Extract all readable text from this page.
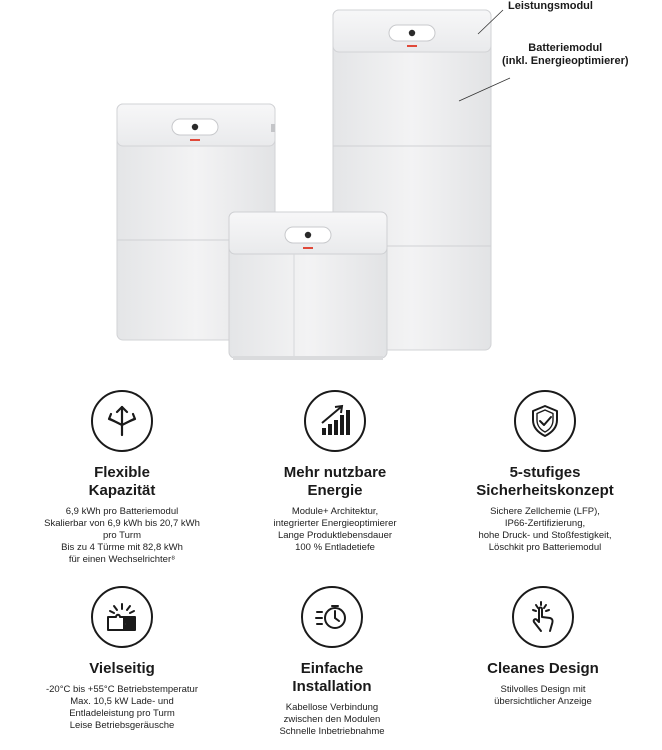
Leistungsmodul
Batteriemodul
(inkl. Energieoptimierer)
Flexible
Kapazität
6,9 kWh pro Batteriemodul
Skalierbar von 6,9 kWh bis 20,7 kWh
pro Turm
Bis zu 4 Türme mit 82,8 kWh
für einen Wechselrichter⁸
Mehr nutzbare
Energie
Module+ Architektur,
integrierter Energieoptimierer
Lange Produktlebensdauer
100 % Entladetiefe
5-stufiges
Sicherheitskonzept
Sichere Zellchemie (LFP),
IP66-Zertifizierung,
hohe Druck- und Stoßfestigkeit,
Löschkit pro Batteriemodul
Vielseitig
-20°C bis +55°C Betriebstemperatur
Max. 10,5 kW Lade- und
Entladeleistung pro Turm
Leise Betriebsgeräusche
Einfache
Installation
Kabellose Verbindung
zwischen den Modulen
Schnelle Inbetriebnahme
Cleanes Design
Stilvolles Design mit
übersichtlicher Anzeige
